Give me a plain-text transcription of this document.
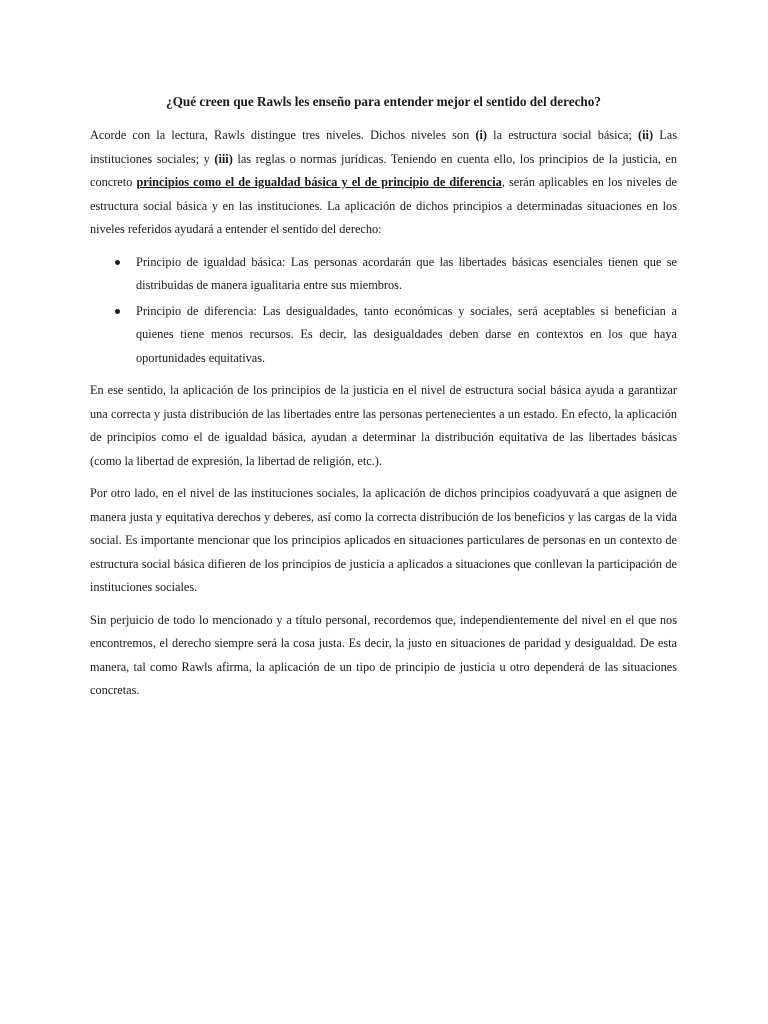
¿Qué creen que Rawls les enseño para entender mejor el sentido del derecho?

Acorde con la lectura, Rawls distingue tres niveles. Dichos niveles son (i) la estructura social básica; (ii) Las instituciones sociales; y (iii) las reglas o normas jurídicas. Teniendo en cuenta ello, los principios de la justicia, en concreto principios como el de igualdad básica y el de principio de diferencia, serán aplicables en los niveles de estructura social básica y en las instituciones. La aplicación de dichos principios a determinadas situaciones en los niveles referidos ayudará a entender el sentido del derecho:

Principio de igualdad básica: Las personas acordarán que las libertades básicas esenciales tienen que se distribuidas de manera igualitaria entre sus miembros.
Principio de diferencia: Las desigualdades, tanto económicas y sociales, será aceptables si benefician a quienes tiene menos recursos. Es decir, las desigualdades deben darse en contextos en los que haya oportunidades equitativas.

En ese sentido, la aplicación de los principios de la justicia en el nivel de estructura social básica ayuda a garantizar una correcta y justa distribución de las libertades entre las personas pertenecientes a un estado. En efecto, la aplicación de principios como el de igualdad básica, ayudan a determinar la distribución equitativa de las libertades básicas (como la libertad de expresión, la libertad de religión, etc.).

Por otro lado, en el nivel de las instituciones sociales, la aplicación de dichos principios coadyuvará a que asignen de manera justa y equitativa derechos y deberes, así como la correcta distribución de los beneficios y las cargas de la vida social. Es importante mencionar que los principios aplicados en situaciones particulares de personas en un contexto de estructura social básica difieren de los principios de justicia a aplicados a situaciones que conllevan la participación de instituciones sociales.

Sin perjuicio de todo lo mencionado y a título personal, recordemos que, independientemente del nivel en el que nos encontremos, el derecho siempre será la cosa justa. Es decir, la justo en situaciones de paridad y desigualdad. De esta manera, tal como Rawls afirma, la aplicación de un tipo de principio de justicia u otro dependerá de las situaciones concretas.
